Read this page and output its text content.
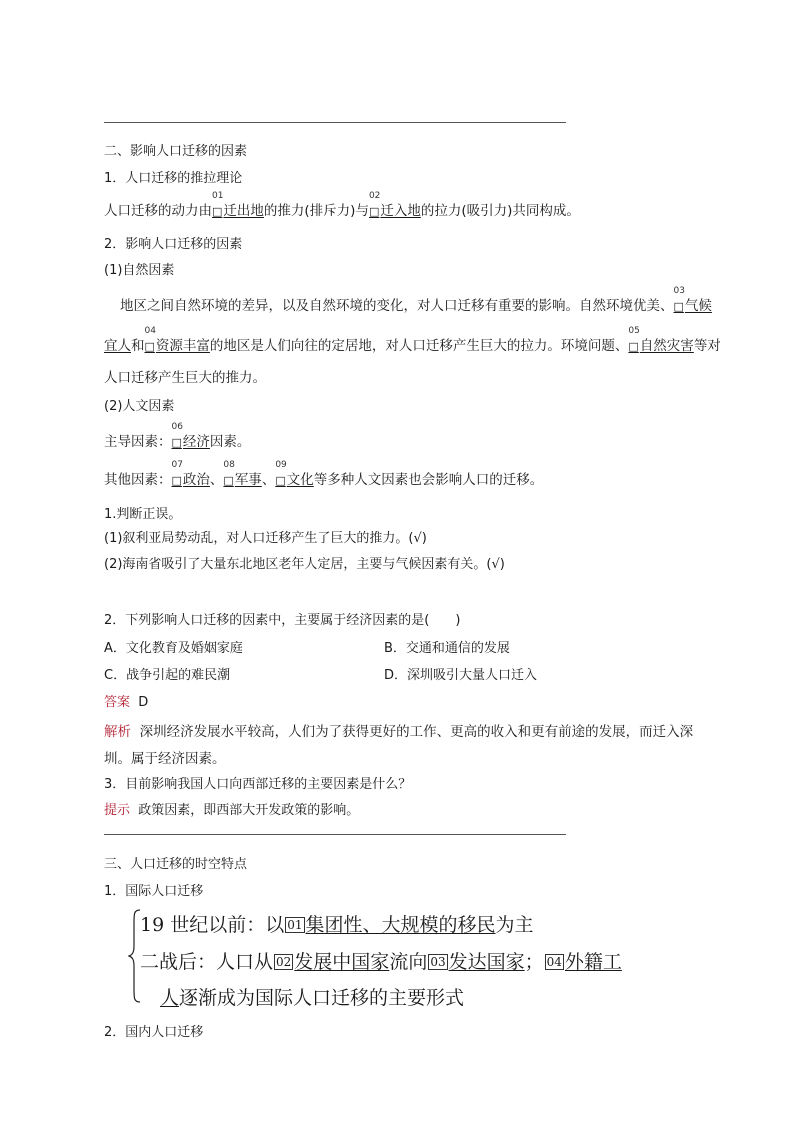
二、影响人口迁移的因素
1．人口迁移的推拉理论
人口迁移的动力由
01
□迁出地的推力(排斥力)与
02
□迁入地的拉力(吸引力)共同构成。
2．影响人口迁移的因素
(1)自然因素
地区之间自然环境的差异，以及自然环境的变化，对人口迁移有重要的影响。自然环境优美、
03
□气候
宜人和
04
□资源丰富的地区是人们向往的定居地，对人口迁移产生巨大的拉力。环境问题、
05
□自然灾害等对
人口迁移产生巨大的推力。
(2)人文因素
主导因素：
06
□经济因素。
其他因素：
07
□政治、
08
□军事、
09
□文化等多种人文因素也会影响人口的迁移。
1.判断正误。
(1)叙利亚局势动乱，对人口迁移产生了巨大的推力。(√)
(2)海南省吸引了大量东北地区老年人定居，主要与气候因素有关。(√)
2．下列影响人口迁移的因素中，主要属于经济因素的是(　　)
A．文化教育及婚姻家庭	B．交通和通信的发展
C．战争引起的难民潮	D．深圳吸引大量人口迁入
答案 D
解析 深圳经济发展水平较高，人们为了获得更好的工作、更高的收入和更有前途的发展，而迁入深
圳。属于经济因素。
3．目前影响我国人口向西部迁移的主要因素是什么？
提示 政策因素，即西部大开发政策的影响。
三、人口迁移的时空特点
1．国际人口迁移
19 世纪以前：以 01 集团性、大规模的移民为主
二战后：人口从 02 发展中国家流向 03 发达国家； 04 外籍工
人逐渐成为国际人口迁移的主要形式
2．国内人口迁移
